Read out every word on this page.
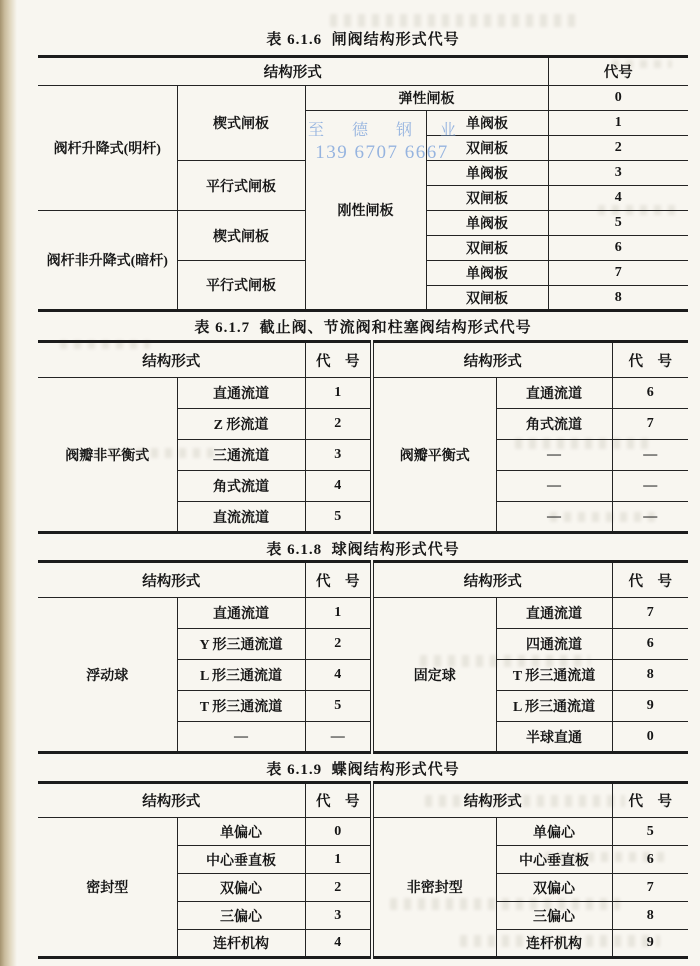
表 6.1.6  闸阀结构形式代号
结构形式				代号
阀杆升降式(明杆)	楔式闸板	弹性闸板		0
		刚性闸板	单阀板	1
			双闸板	2
	平行式闸板		单阀板	3
			双闸板	4
阀杆非升降式(暗杆)	楔式闸板		单阀板	5
			双闸板	6
	平行式闸板		单阀板	7
			双闸板	8
至 德 钢 业
139 6707 6667
表 6.1.7  截止阀、节流阀和柱塞阀结构形式代号
结构形式		代　号	结构形式		代　号
阀瓣非平衡式	直通流道	1	阀瓣平衡式	直通流道	6
	Z 形流道	2		角式流道	7
	三通流道	3		—	—
	角式流道	4		—	—
	直流流道	5		—	—
表 6.1.8  球阀结构形式代号
结构形式		代　号	结构形式		代　号
浮动球	直通流道	1	固定球	直通流道	7
	Y 形三通流道	2		四通流道	6
	L 形三通流道	4		T 形三通流道	8
	T 形三通流道	5		L 形三通流道	9
	—	—		半球直通	0
表 6.1.9  蝶阀结构形式代号
结构形式		代　号	结构形式		代　号
密封型	单偏心	0	非密封型	单偏心	5
	中心垂直板	1		中心垂直板	6
	双偏心	2		双偏心	7
	三偏心	3		三偏心	8
	连杆机构	4		连杆机构	9
